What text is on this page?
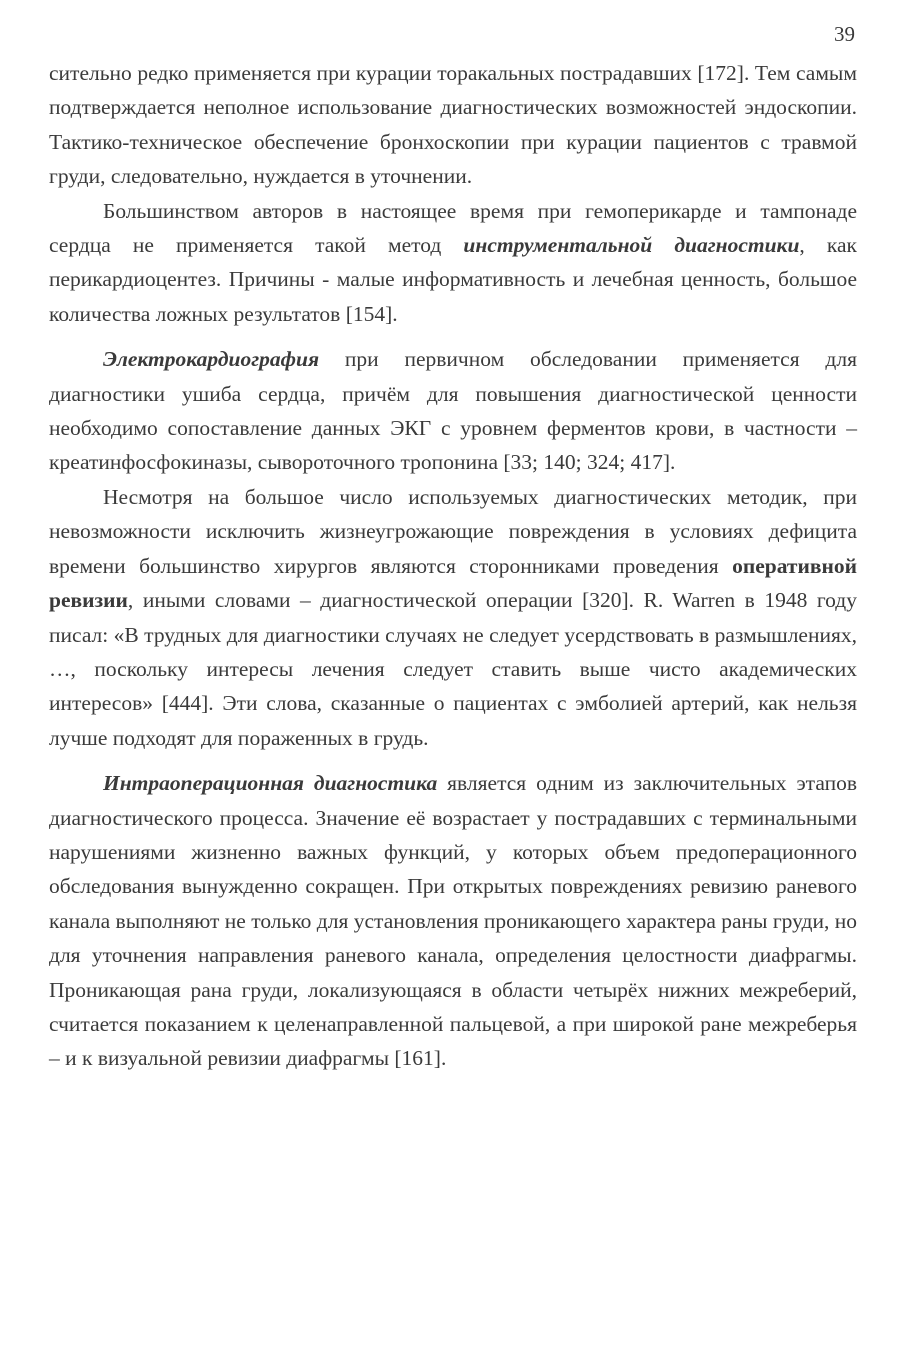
39

сительно редко применяется при курации торакальных пострадавших [172]. Тем самым подтверждается неполное использование диагностических возможностей эндоскопии. Тактико-техническое обеспечение бронхоскопии при курации пациентов с травмой груди, следовательно, нуждается в уточнении.

Большинством авторов в настоящее время при гемоперикарде и тампонаде сердца не применяется такой метод инструментальной диагностики, как перикардиоцентез. Причины - малые информативность и лечебная ценность, большое количества ложных результатов [154].

Электрокардиография при первичном обследовании применяется для диагностики ушиба сердца, причём для повышения диагностической ценности необходимо сопоставление данных ЭКГ с уровнем ферментов крови, в частности – креатинфосфокиназы, сывороточного тропонина [33; 140; 324; 417].

Несмотря на большое число используемых диагностических методик, при невозможности исключить жизнеугрожающие повреждения в условиях дефицита времени большинство хирургов являются сторонниками проведения оперативной ревизии, иными словами – диагностической операции [320]. R. Warren в 1948 году писал: «В трудных для диагностики случаях не следует усердствовать в размышлениях, …, поскольку интересы лечения следует ставить выше чисто академических интересов» [444]. Эти слова, сказанные о пациентах с эмболией артерий, как нельзя лучше подходят для пораженных в грудь.

Интраоперационная диагностика является одним из заключительных этапов диагностического процесса. Значение её возрастает у пострадавших с терминальными нарушениями жизненно важных функций, у которых объем предоперационного обследования вынужденно сокращен. При открытых повреждениях ревизию раневого канала выполняют не только для установления проникающего характера раны груди, но для уточнения направления раневого канала, определения целостности диафрагмы. Проникающая рана груди, локализующаяся в области четырёх нижних межреберий, считается показанием к целенаправленной пальцевой, а при широкой ране межреберья – и к визуальной ревизии диафрагмы [161].
